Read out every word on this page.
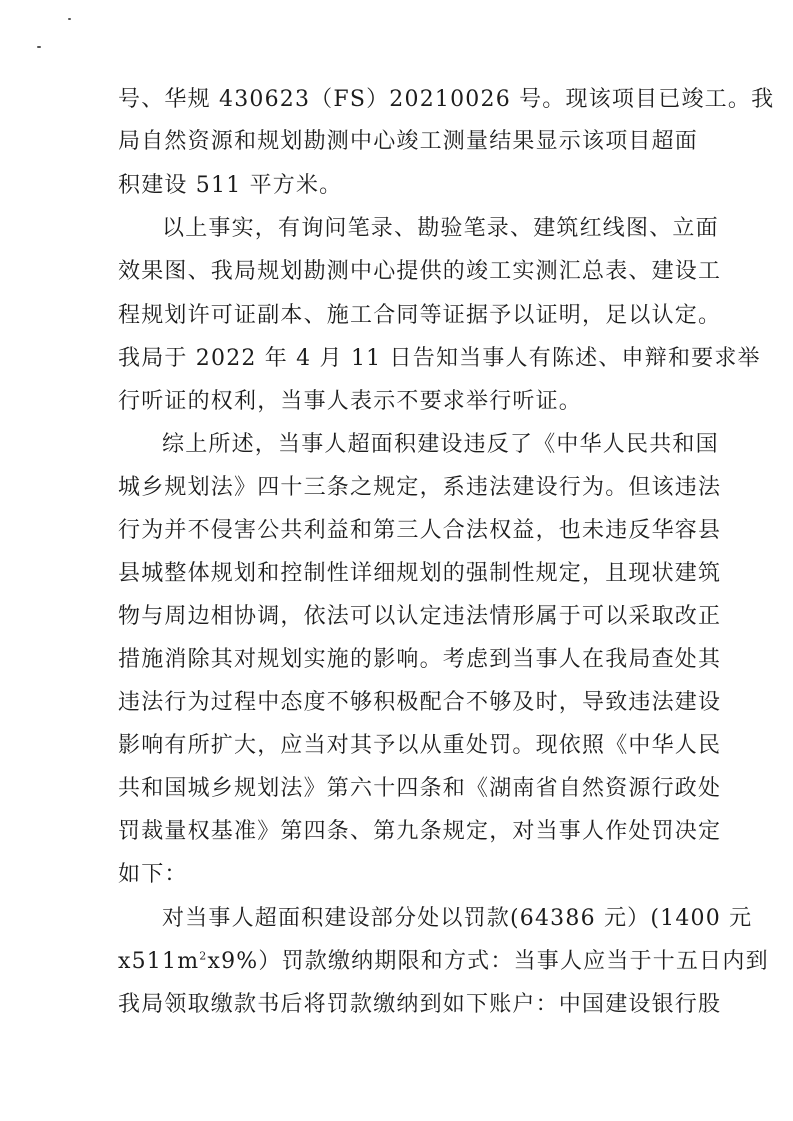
号、华规 430623（FS）20210026 号。现该项目已竣工。我
局自然资源和规划勘测中心竣工测量结果显示该项目超面
积建设 511 平方米。
以上事实，有询问笔录、勘验笔录、建筑红线图、立面
效果图、我局规划勘测中心提供的竣工实测汇总表、建设工
程规划许可证副本、施工合同等证据予以证明，足以认定。
我局于 2022 年 4 月 11 日告知当事人有陈述、申辩和要求举
行听证的权利，当事人表示不要求举行听证。
综上所述，当事人超面积建设违反了《中华人民共和国
城乡规划法》四十三条之规定，系违法建设行为。但该违法
行为并不侵害公共利益和第三人合法权益，也未违反华容县
县城整体规划和控制性详细规划的强制性规定，且现状建筑
物与周边相协调，依法可以认定违法情形属于可以采取改正
措施消除其对规划实施的影响。考虑到当事人在我局查处其
违法行为过程中态度不够积极配合不够及时，导致违法建设
影响有所扩大，应当对其予以从重处罚。现依照《中华人民
共和国城乡规划法》第六十四条和《湖南省自然资源行政处
罚裁量权基准》第四条、第九条规定，对当事人作处罚决定
如下：
对当事人超面积建设部分处以罚款(64386 元）(1400 元
$x511m^2x9\%$）罚款缴纳期限和方式：当事人应当于十五日内到
我局领取缴款书后将罚款缴纳到如下账户：中国建设银行股
